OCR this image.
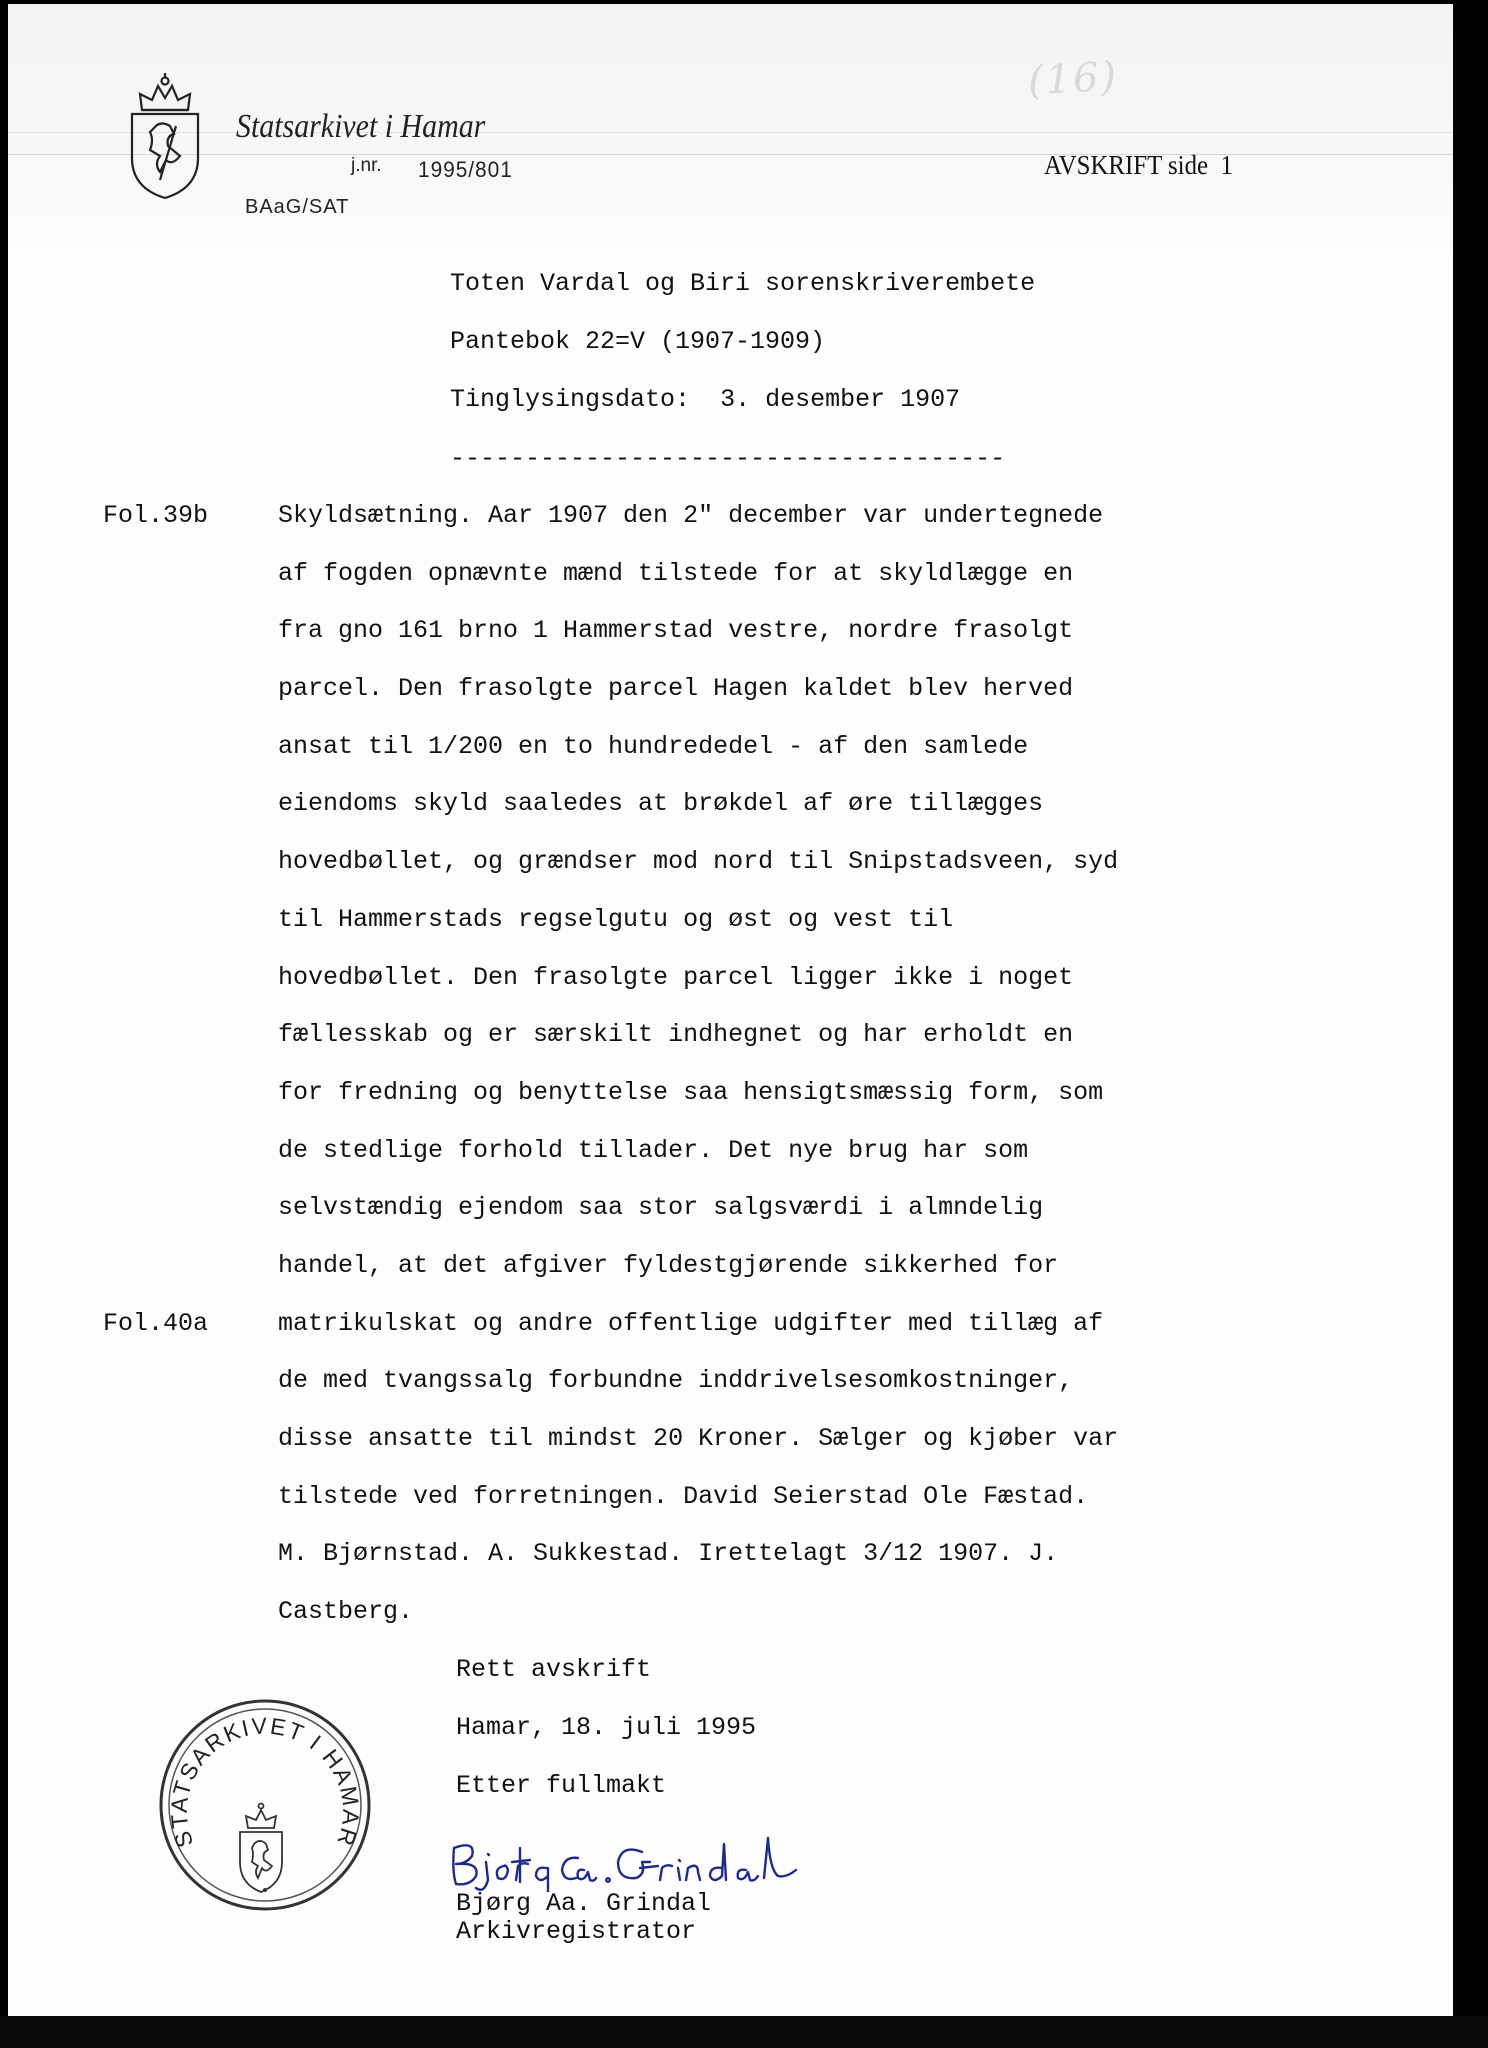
(16)
Statsarkivet i Hamar
j.nr. 1995/801
BAaG/SAT
AVSKRIFT side 1
Toten Vardal og Biri sorenskriverembete
Pantebok 22=V (1907-1909)
Tinglysingsdato: 3. desember 1907
-------------------------------------
Fol.39b
Fol.40a
Skyldsætning. Aar 1907 den 2" december var undertegnede
af fogden opnævnte mænd tilstede for at skyldlægge en
fra gno 161 brno 1 Hammerstad vestre, nordre frasolgt
parcel. Den frasolgte parcel Hagen kaldet blev herved
ansat til 1/200 en to hundrededel - af den samlede
eiendoms skyld saaledes at brøkdel af øre tillægges
hovedbøllet, og grændser mod nord til Snipstadsveen, syd
til Hammerstads regselgutu og øst og vest til
hovedbøllet. Den frasolgte parcel ligger ikke i noget
fællesskab og er særskilt indhegnet og har erholdt en
for fredning og benyttelse saa hensigtsmæssig form, som
de stedlige forhold tillader. Det nye brug har som
selvstændig ejendom saa stor salgsværdi i almndelig
handel, at det afgiver fyldestgjørende sikkerhed for
matrikulskat og andre offentlige udgifter med tillæg af
de med tvangssalg forbundne inddrivelsesomkostninger,
disse ansatte til mindst 20 Kroner. Sælger og kjøber var
tilstede ved forretningen. David Seierstad Ole Fæstad.
M. Bjørnstad. A. Sukkestad. Irettelagt 3/12 1907. J.
Castberg.
Rett avskrift
Hamar, 18. juli 1995
Etter fullmakt
Bjørg Aa. Grindal
Arkivregistrator
STATSARKIVET I HAMAR
